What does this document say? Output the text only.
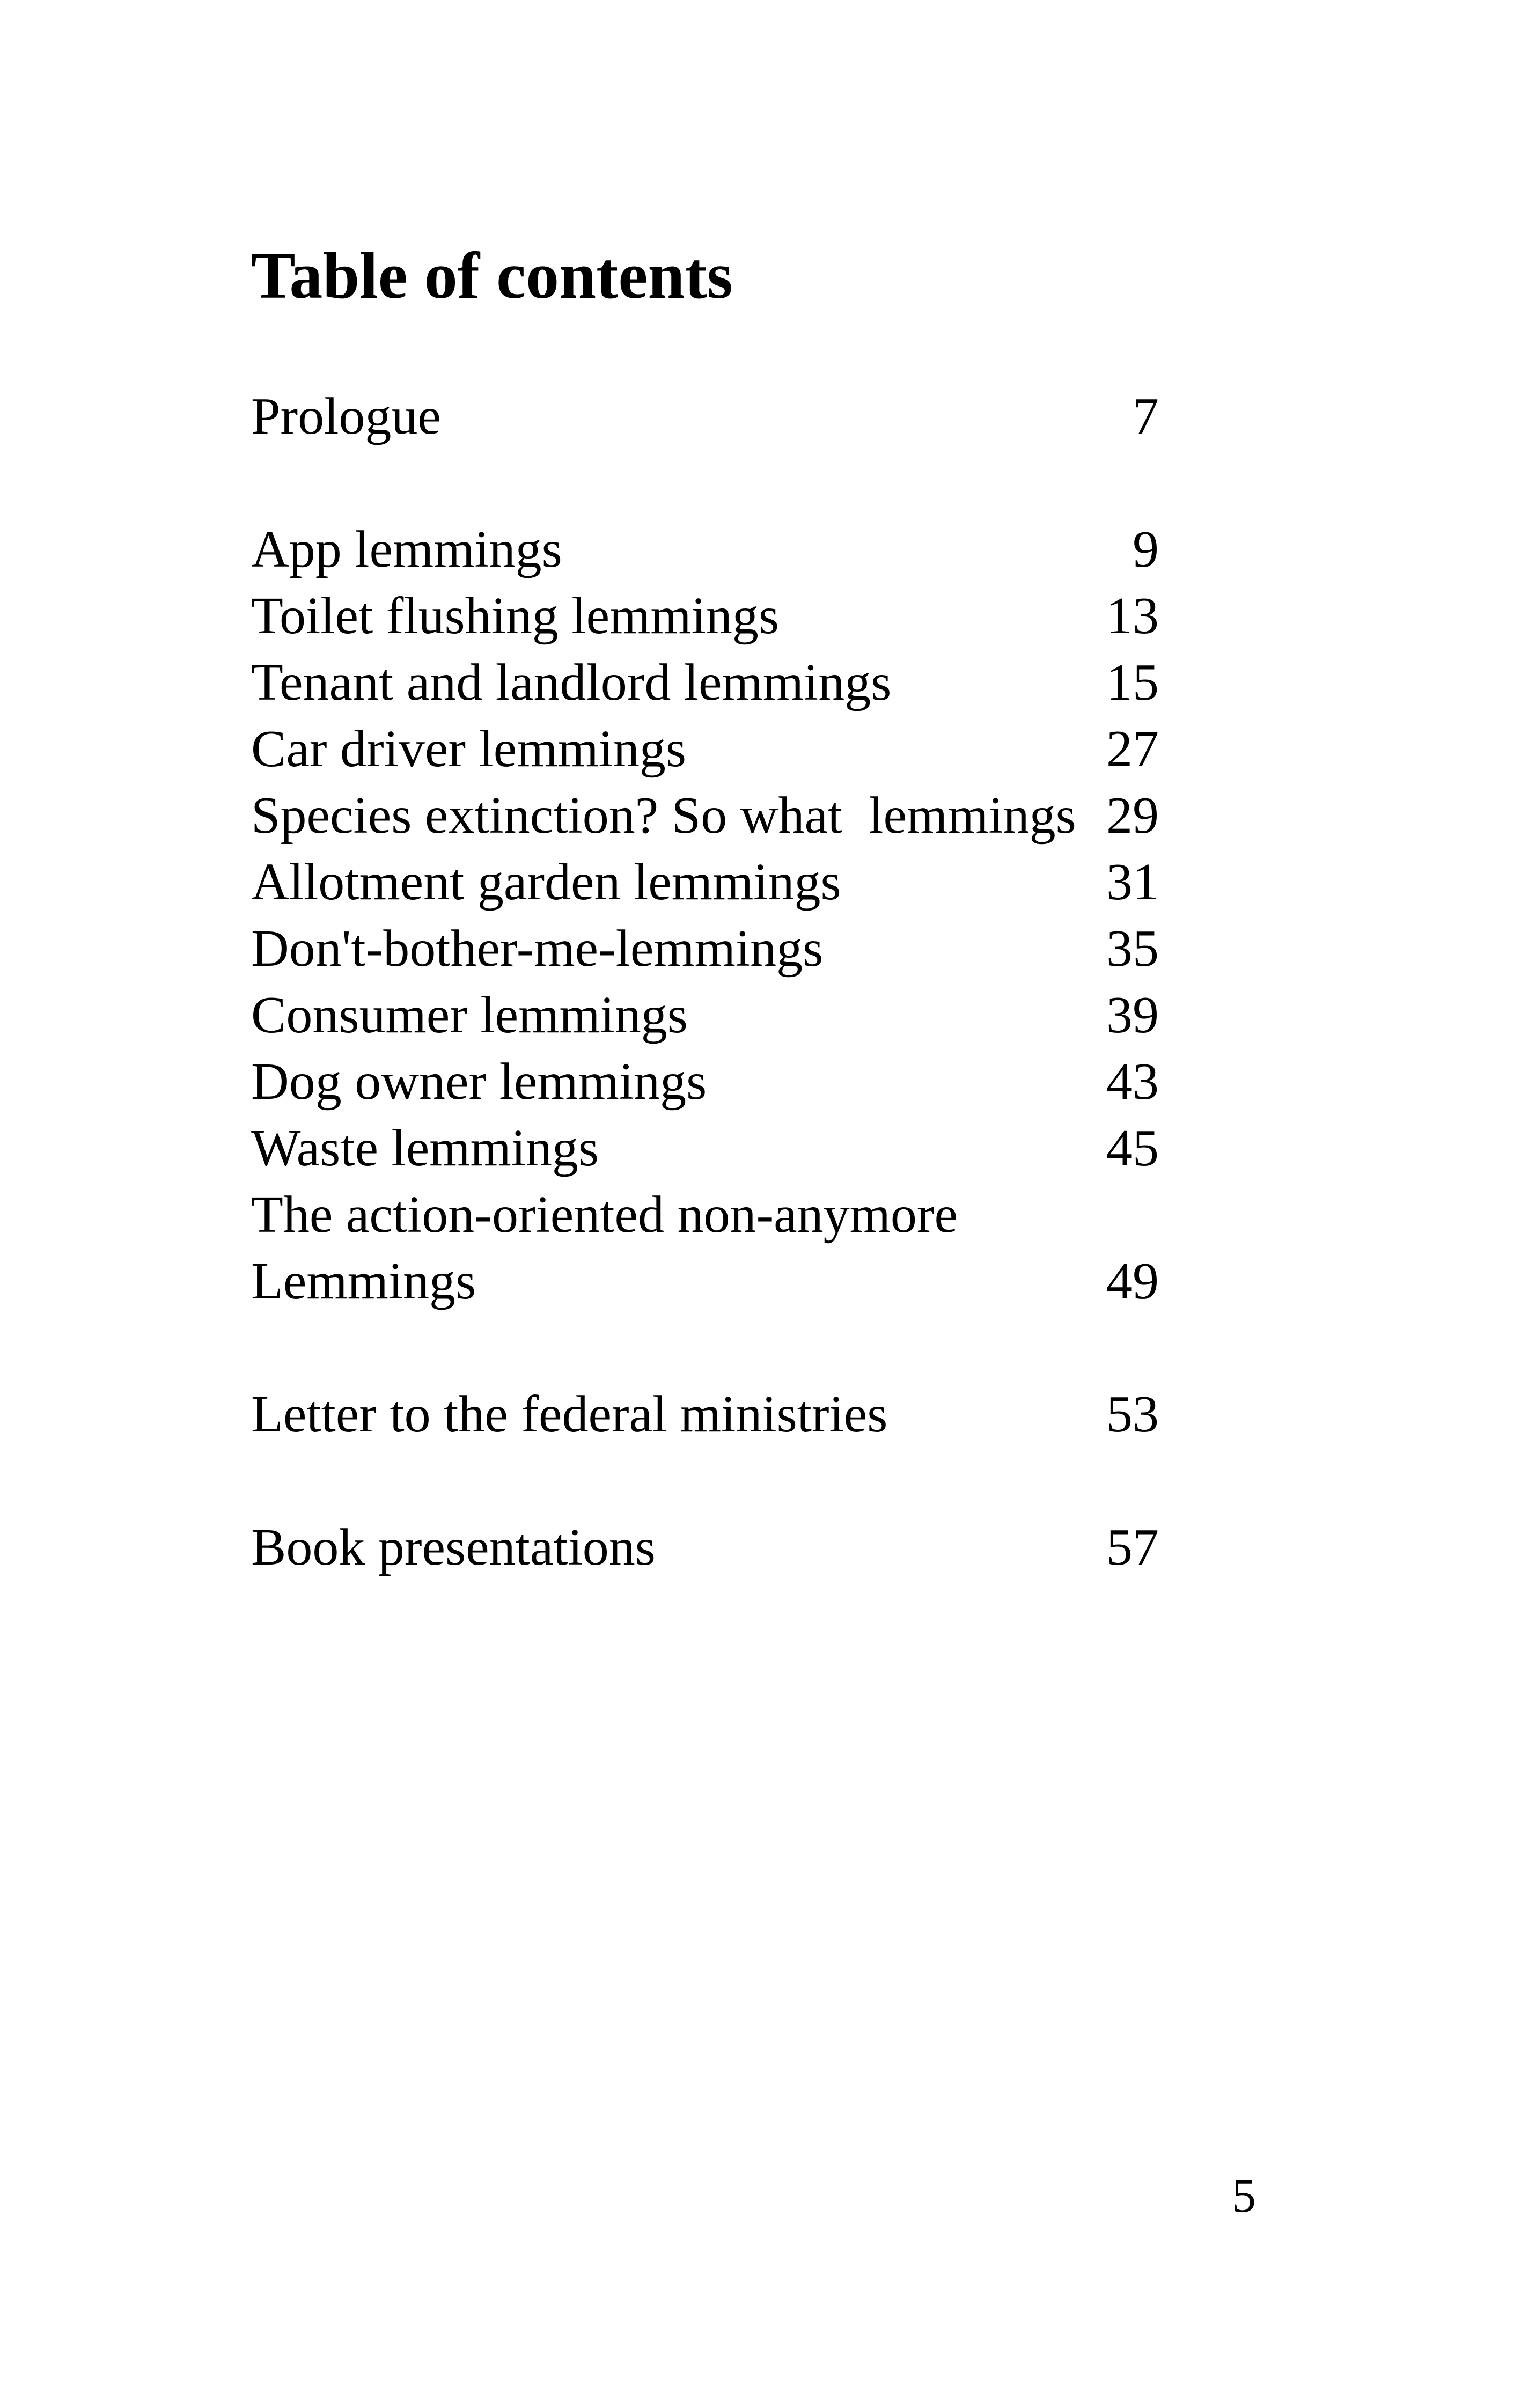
Table of contents
Prologue	7
App lemmings	9
Toilet flushing lemmings	13
Tenant and landlord lemmings	15
Car driver lemmings	27
Species extinction? So what  lemmings 29
Allotment garden lemmings	31
Don't-bother-me-lemmings	35
Consumer lemmings	39
Dog owner lemmings	43
Waste lemmings	45
The action-oriented non-anymore
Lemmings	49
Letter to the federal ministries	53
Book presentations	57
5
